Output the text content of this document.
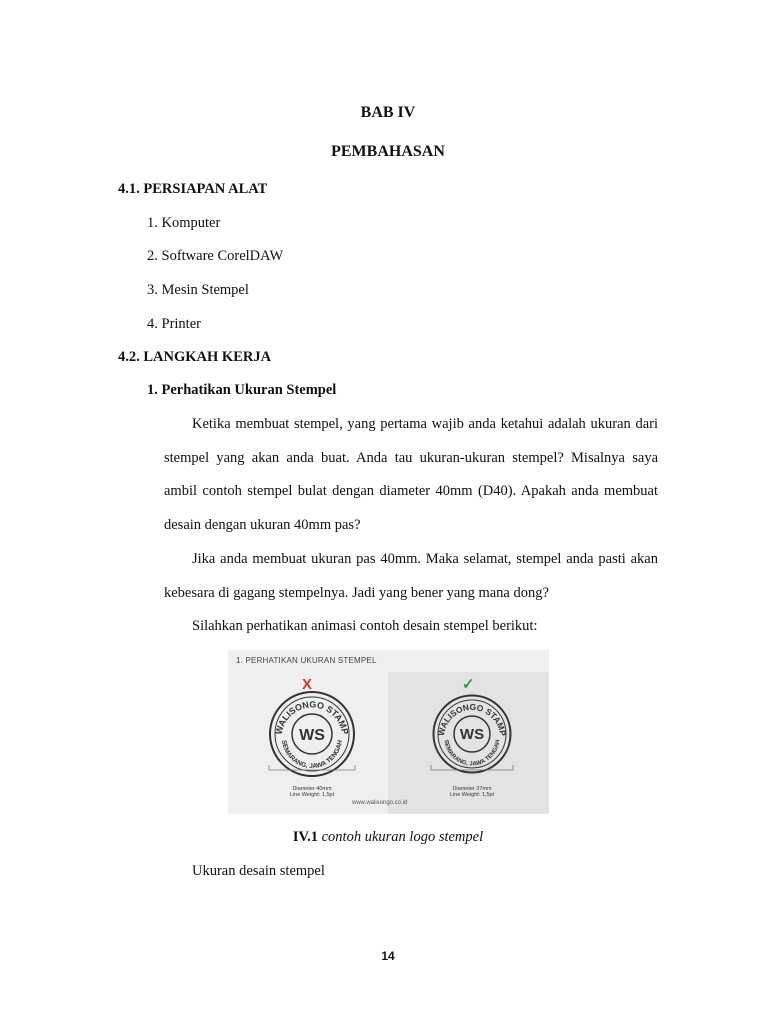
BAB IV
PEMBAHASAN
4.1. PERSIAPAN ALAT
1. Komputer
2. Software CorelDAW
3. Mesin Stempel
4. Printer
4.2. LANGKAH KERJA
1. Perhatikan Ukuran Stempel
Ketika membuat stempel, yang pertama wajib anda ketahui adalah ukuran dari stempel yang akan anda buat. Anda tau ukuran-ukuran stempel? Misalnya saya ambil contoh stempel bulat dengan diameter 40mm (D40). Apakah anda membuat desain dengan ukuran 40mm pas?
Jika anda membuat ukuran pas 40mm. Maka selamat, stempel anda pasti akan kebesara di gagang stempelnya. Jadi yang bener yang mana dong?
Silahkan perhatikan animasi contoh desain stempel berikut:
1. PERHATIKAN UKURAN STEMPEL
X	✓
WALISONGO STAMP
SEMARANG, JAWA TENGAH
WS	WALISONGO STAMP
SEMARANG, JAWA TENGAH
WS
Diameter 40mm
Line Weight: 1,5pt
Diameter 37mm
Line Weight: 1,5pt
www.walisongo.co.id
IV.1 contoh ukuran logo stempel
Ukuran desain stempel
14
